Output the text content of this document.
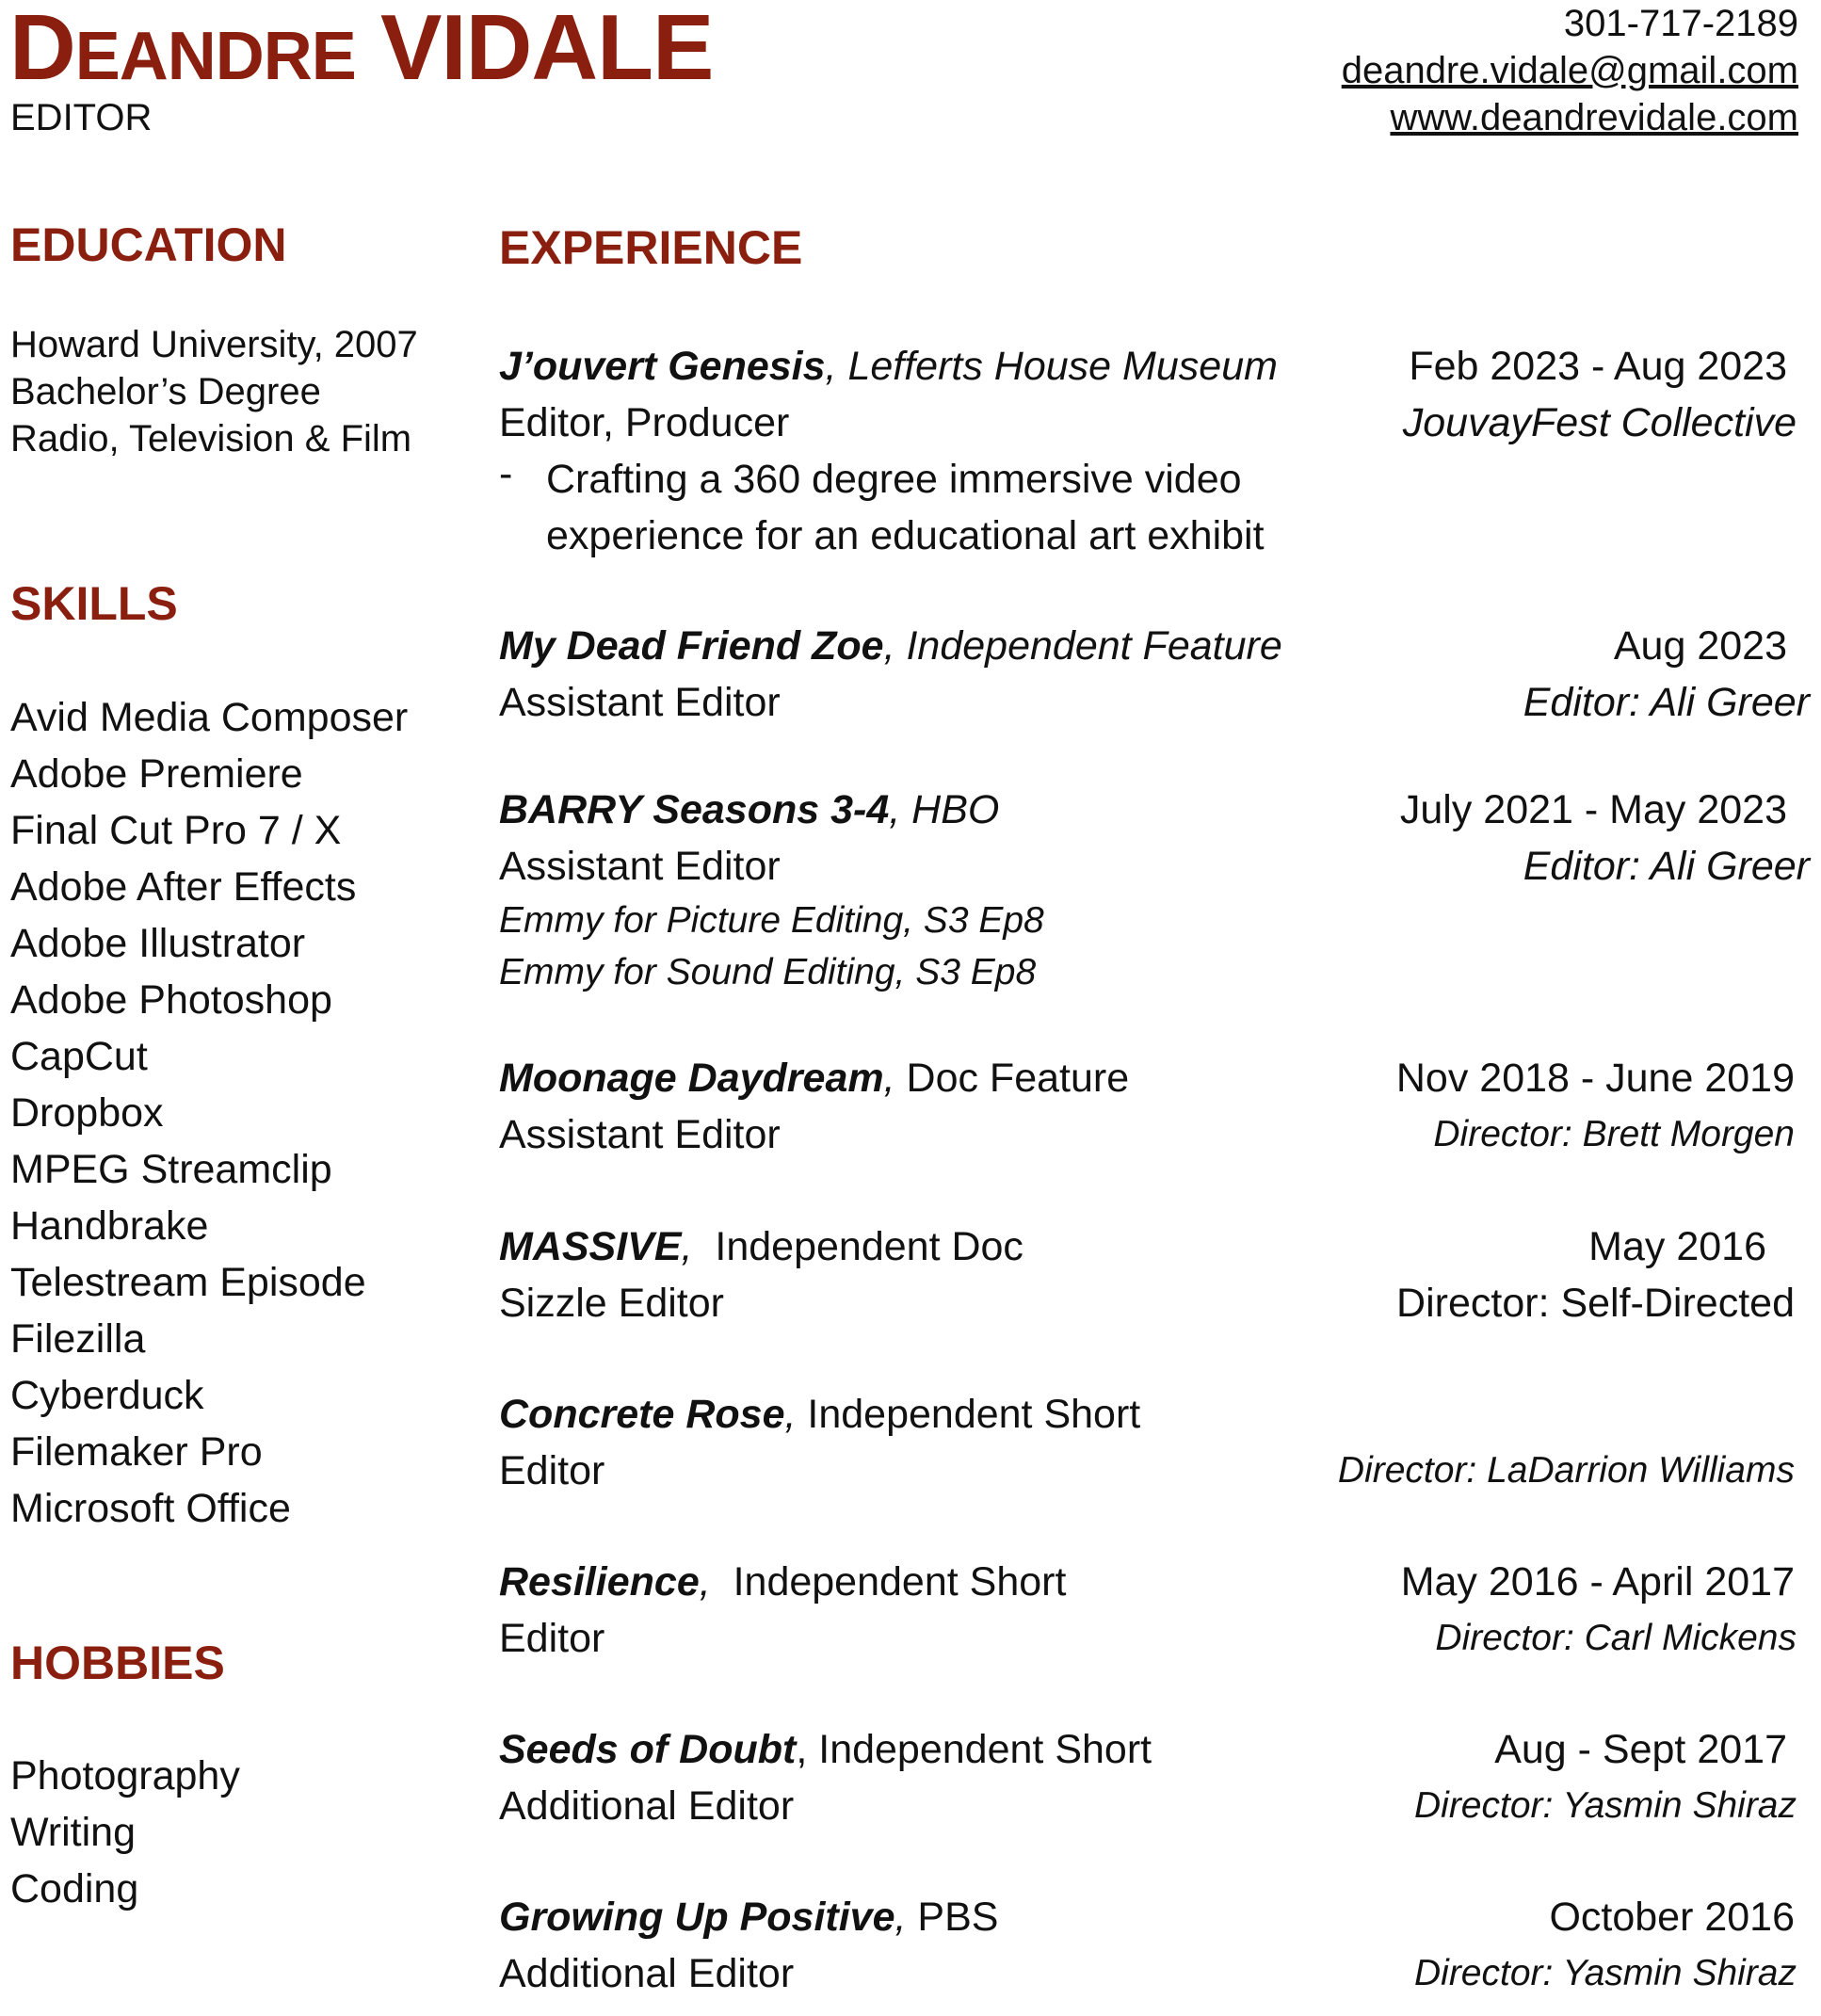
DEANDRE VIDALE
EDITOR
301-717-2189
deandre.vidale@gmail.com
www.deandrevidale.com
EDUCATION
Howard University, 2007
Bachelor’s Degree
Radio, Television & Film
SKILLS
Avid Media Composer
Adobe Premiere
Final Cut Pro 7 / X
Adobe After Effects
Adobe Illustrator
Adobe Photoshop
CapCut
Dropbox
MPEG Streamclip
Handbrake
Telestream Episode
Filezilla
Cyberduck
Filemaker Pro
Microsoft Office
HOBBIES
Photography
Writing
Coding
EXPERIENCE
J’ouvert Genesis, Lefferts House Museum	Feb 2023 - Aug 2023
Editor, Producer	JouvayFest Collective
- Crafting a 360 degree immersive video
experience for an educational art exhibit
My Dead Friend Zoe, Independent Feature	Aug 2023
Assistant Editor	Editor: Ali Greer
BARRY Seasons 3-4, HBO	July 2021 - May 2023
Assistant Editor	Editor: Ali Greer
Emmy for Picture Editing, S3 Ep8
Emmy for Sound Editing, S3 Ep8
Moonage Daydream, Doc Feature	Nov 2018 - June 2019
Assistant Editor	Director: Brett Morgen
MASSIVE,  Independent Doc	May 2016
Sizzle Editor	Director: Self-Directed
Concrete Rose, Independent Short
Editor	Director: LaDarrion Williams
Resilience,  Independent Short	May 2016 - April 2017
Editor	Director: Carl Mickens
Seeds of Doubt, Independent Short	Aug - Sept 2017
Additional Editor	Director: Yasmin Shiraz
Growing Up Positive, PBS	October 2016
Additional Editor	Director: Yasmin Shiraz
